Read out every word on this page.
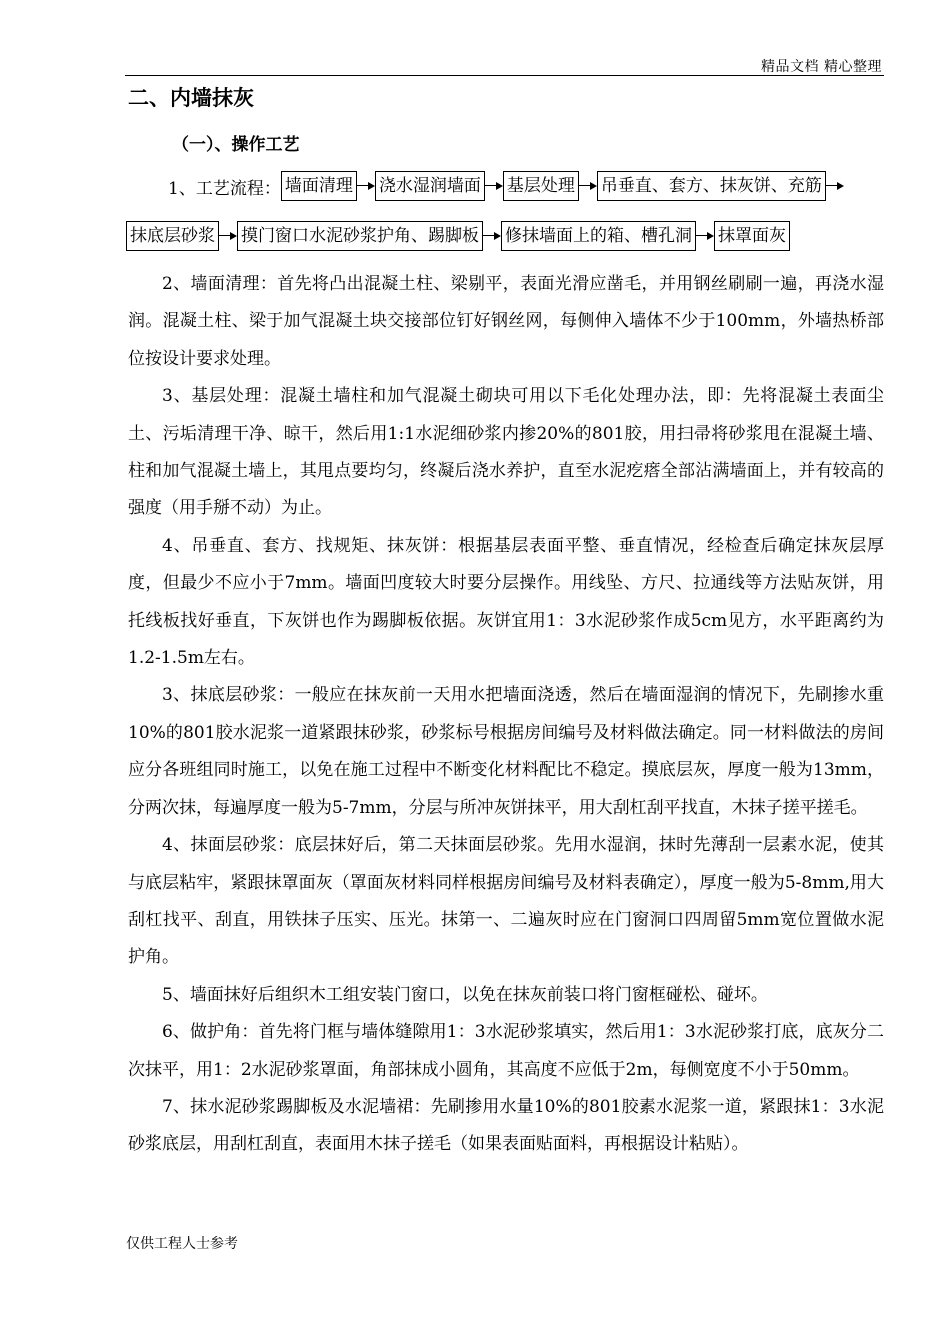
精品文档 精心整理
二、内墙抹灰
（一）、操作工艺
1、工艺流程： 墙面清理 浇水湿润墙面 基层处理 吊垂直、套方、抹灰饼、充筋
抹底层砂浆 摸门窗口水泥砂浆护角、踢脚板 修抹墙面上的箱、槽孔洞 抹罩面灰

2、墙面清理：首先将凸出混凝土柱、梁剔平，表面光滑应凿毛，并用钢丝刷刷一遍，再浇水湿润。混凝土柱、梁于加气混凝土块交接部位钉好钢丝网，每侧伸入墙体不少于100mm，外墙热桥部位按设计要求处理。

3、基层处理：混凝土墙柱和加气混凝土砌块可用以下毛化处理办法，即：先将混凝土表面尘土、污垢清理干净、晾干，然后用1:1水泥细砂浆内掺20%的801胶，用扫帚将砂浆甩在混凝土墙、柱和加气混凝土墙上，其甩点要均匀，终凝后浇水养护，直至水泥疙瘩全部沾满墙面上，并有较高的强度（用手掰不动）为止。

4、吊垂直、套方、找规矩、抹灰饼：根据基层表面平整、垂直情况，经检查后确定抹灰层厚度，但最少不应小于7mm。墙面凹度较大时要分层操作。用线坠、方尺、拉通线等方法贴灰饼，用托线板找好垂直，下灰饼也作为踢脚板依据。灰饼宜用1：3水泥砂浆作成5cm见方，水平距离约为1.2-1.5m左右。

3、抹底层砂浆：一般应在抹灰前一天用水把墙面浇透，然后在墙面湿润的情况下，先刷掺水重10%的801胶水泥浆一道紧跟抹砂浆，砂浆标号根据房间编号及材料做法确定。同一材料做法的房间应分各班组同时施工，以免在施工过程中不断变化材料配比不稳定。摸底层灰，厚度一般为13mm，分两次抹，每遍厚度一般为5-7mm，分层与所冲灰饼抹平，用大刮杠刮平找直，木抹子搓平搓毛。

4、抹面层砂浆：底层抹好后，第二天抹面层砂浆。先用水湿润，抹时先薄刮一层素水泥，使其与底层粘牢，紧跟抹罩面灰（罩面灰材料同样根据房间编号及材料表确定），厚度一般为5-8mm,用大刮杠找平、刮直，用铁抹子压实、压光。抹第一、二遍灰时应在门窗洞口四周留5mm宽位置做水泥护角。

5、墙面抹好后组织木工组安装门窗口，以免在抹灰前装口将门窗框碰松、碰坏。

6、做护角：首先将门框与墙体缝隙用1：3水泥砂浆填实，然后用1：3水泥砂浆打底，底灰分二次抹平，用1：2水泥砂浆罩面，角部抹成小圆角，其高度不应低于2m，每侧宽度不小于50mm。

7、抹水泥砂浆踢脚板及水泥墙裙：先刷掺用水量10%的801胶素水泥浆一道，紧跟抹1：3水泥砂浆底层，用刮杠刮直，表面用木抹子搓毛（如果表面贴面料，再根据设计粘贴）。

仅供工程人士参考
